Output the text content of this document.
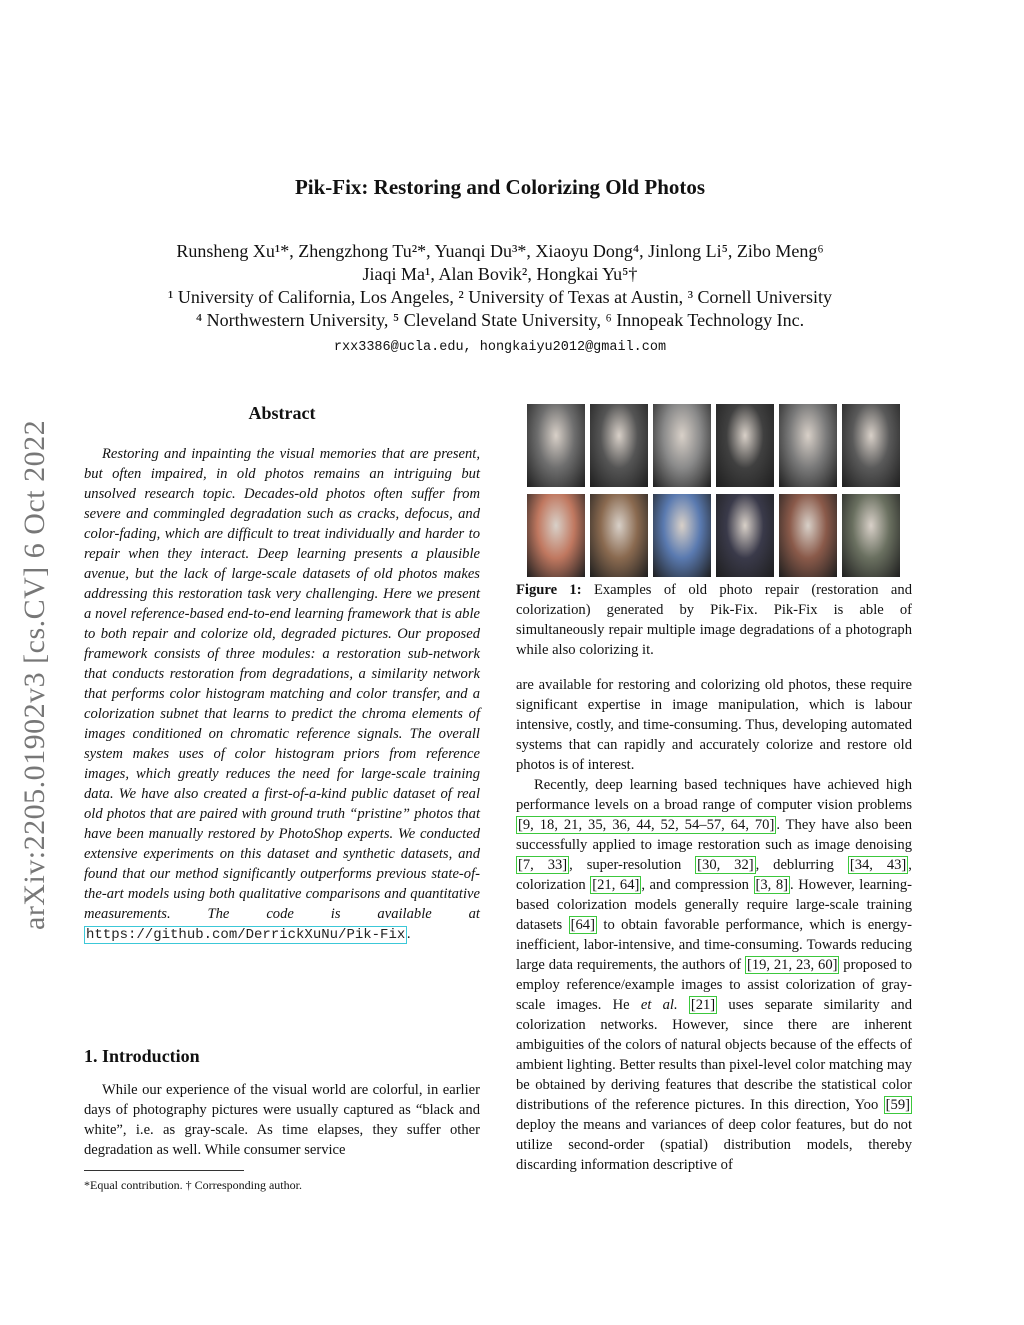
arXiv:2205.01902v3 [cs.CV] 6 Oct 2022
Pik-Fix: Restoring and Colorizing Old Photos
Runsheng Xu¹*, Zhengzhong Tu²*, Yuanqi Du³*, Xiaoyu Dong⁴, Jinlong Li⁵, Zibo Meng⁶
Jiaqi Ma¹, Alan Bovik², Hongkai Yu⁵†
¹ University of California, Los Angeles, ² University of Texas at Austin, ³ Cornell University
⁴ Northwestern University, ⁵ Cleveland State University, ⁶ Innopeak Technology Inc.
rxx3386@ucla.edu, hongkaiyu2012@gmail.com
Abstract

Restoring and inpainting the visual memories that are present, but often impaired, in old photos remains an intriguing but unsolved research topic. Decades-old photos often suffer from severe and commingled degradation such as cracks, defocus, and color-fading, which are difficult to treat individually and harder to repair when they interact. Deep learning presents a plausible avenue, but the lack of large-scale datasets of old photos makes addressing this restoration task very challenging. Here we present a novel reference-based end-to-end learning framework that is able to both repair and colorize old, degraded pictures. Our proposed framework consists of three modules: a restoration sub-network that conducts restoration from degradations, a similarity network that performs color histogram matching and color transfer, and a colorization subnet that learns to predict the chroma elements of images conditioned on chromatic reference signals. The overall system makes uses of color histogram priors from reference images, which greatly reduces the need for large-scale training data. We have also created a first-of-a-kind public dataset of real old photos that are paired with ground truth “pristine” photos that have been manually restored by PhotoShop experts. We conducted extensive experiments on this dataset and synthetic datasets, and found that our method significantly outperforms previous state-of-the-art models using both qualitative comparisons and quantitative measurements. The code is available at https://github.com/DerrickXuNu/Pik-Fix .

1. Introduction

While our experience of the visual world are colorful, in earlier days of photography pictures were usually captured as “black and white”, i.e. as gray-scale. As time elapses, they suffer other degradation as well. While consumer service

*Equal contribution. † Corresponding author.
Figure 1: Examples of old photo repair (restoration and colorization) generated by Pik-Fix. Pik-Fix is able of simultaneously repair multiple image degradations of a photograph while also colorizing it.

are available for restoring and colorizing old photos, these require significant expertise in image manipulation, which is labour intensive, costly, and time-consuming. Thus, developing automated systems that can rapidly and accurately colorize and restore old photos is of interest.

Recently, deep learning based techniques have achieved high performance levels on a broad range of computer vision problems [9, 18, 21, 35, 36, 44, 52, 54–57, 64, 70] . They have also been successfully applied to image restoration such as image denoising [7, 33] , super-resolution [30, 32] , deblurring [34, 43] , colorization [21, 64] , and compression [3, 8] . However, learning-based colorization models generally require large-scale training datasets [64] to obtain favorable performance, which is energy-inefficient, labor-intensive, and time-consuming. Towards reducing large data requirements, the authors of [19, 21, 23, 60] proposed to employ reference/example images to assist colorization of gray-scale images. He et al. [21] uses separate similarity and colorization networks. However, since there are inherent ambiguities of the colors of natural objects because of the effects of ambient lighting. Better results than pixel-level color matching may be obtained by deriving features that describe the statistical color distributions of the reference pictures. In this direction, Yoo [59] deploy the means and variances of deep color features, but do not utilize second-order (spatial) distribution models, thereby discarding information descriptive of
